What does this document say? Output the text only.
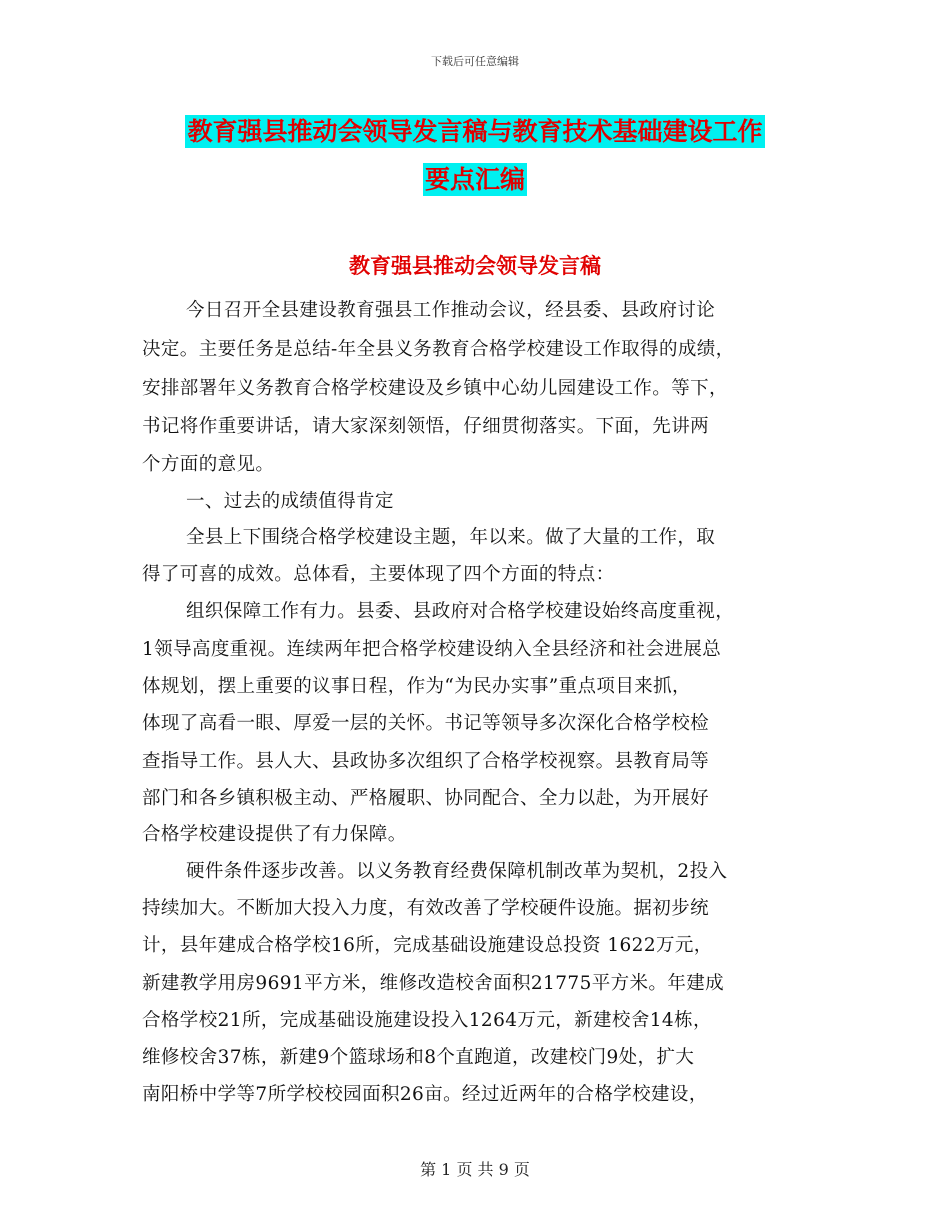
下载后可任意编辑
教育强县推动会领导发言稿与教育技术基础建设工作
要点汇编
教育强县推动会领导发言稿
今日召开全县建设教育强县工作推动会议，经县委、县政府讨论
决定。主要任务是总结-年全县义务教育合格学校建设工作取得的成绩，
安排部署年义务教育合格学校建设及乡镇中心幼儿园建设工作。等下，
书记将作重要讲话，请大家深刻领悟，仔细贯彻落实。下面，先讲两
个方面的意见。
一、过去的成绩值得肯定
全县上下围绕合格学校建设主题，年以来。做了大量的工作，取
得了可喜的成效。总体看，主要体现了四个方面的特点：
组织保障工作有力。县委、县政府对合格学校建设始终高度重视，
1领导高度重视。连续两年把合格学校建设纳入全县经济和社会进展总
体规划，摆上重要的议事日程，作为“为民办实事”重点项目来抓，
体现了高看一眼、厚爱一层的关怀。书记等领导多次深化合格学校检
查指导工作。县人大、县政协多次组织了合格学校视察。县教育局等
部门和各乡镇积极主动、严格履职、协同配合、全力以赴，为开展好
合格学校建设提供了有力保障。
硬件条件逐步改善。以义务教育经费保障机制改革为契机，2投入
持续加大。不断加大投入力度，有效改善了学校硬件设施。据初步统
计，县年建成合格学校16所，完成基础设施建设总投资 1622万元，
新建教学用房9691平方米，维修改造校舍面积21775平方米。年建成
合格学校21所，完成基础设施建设投入1264万元，新建校舍14栋，
维修校舍37栋，新建9个篮球场和8个直跑道，改建校门9处，扩大
南阳桥中学等7所学校校园面积26亩。经过近两年的合格学校建设，
第 1 页 共 9 页
